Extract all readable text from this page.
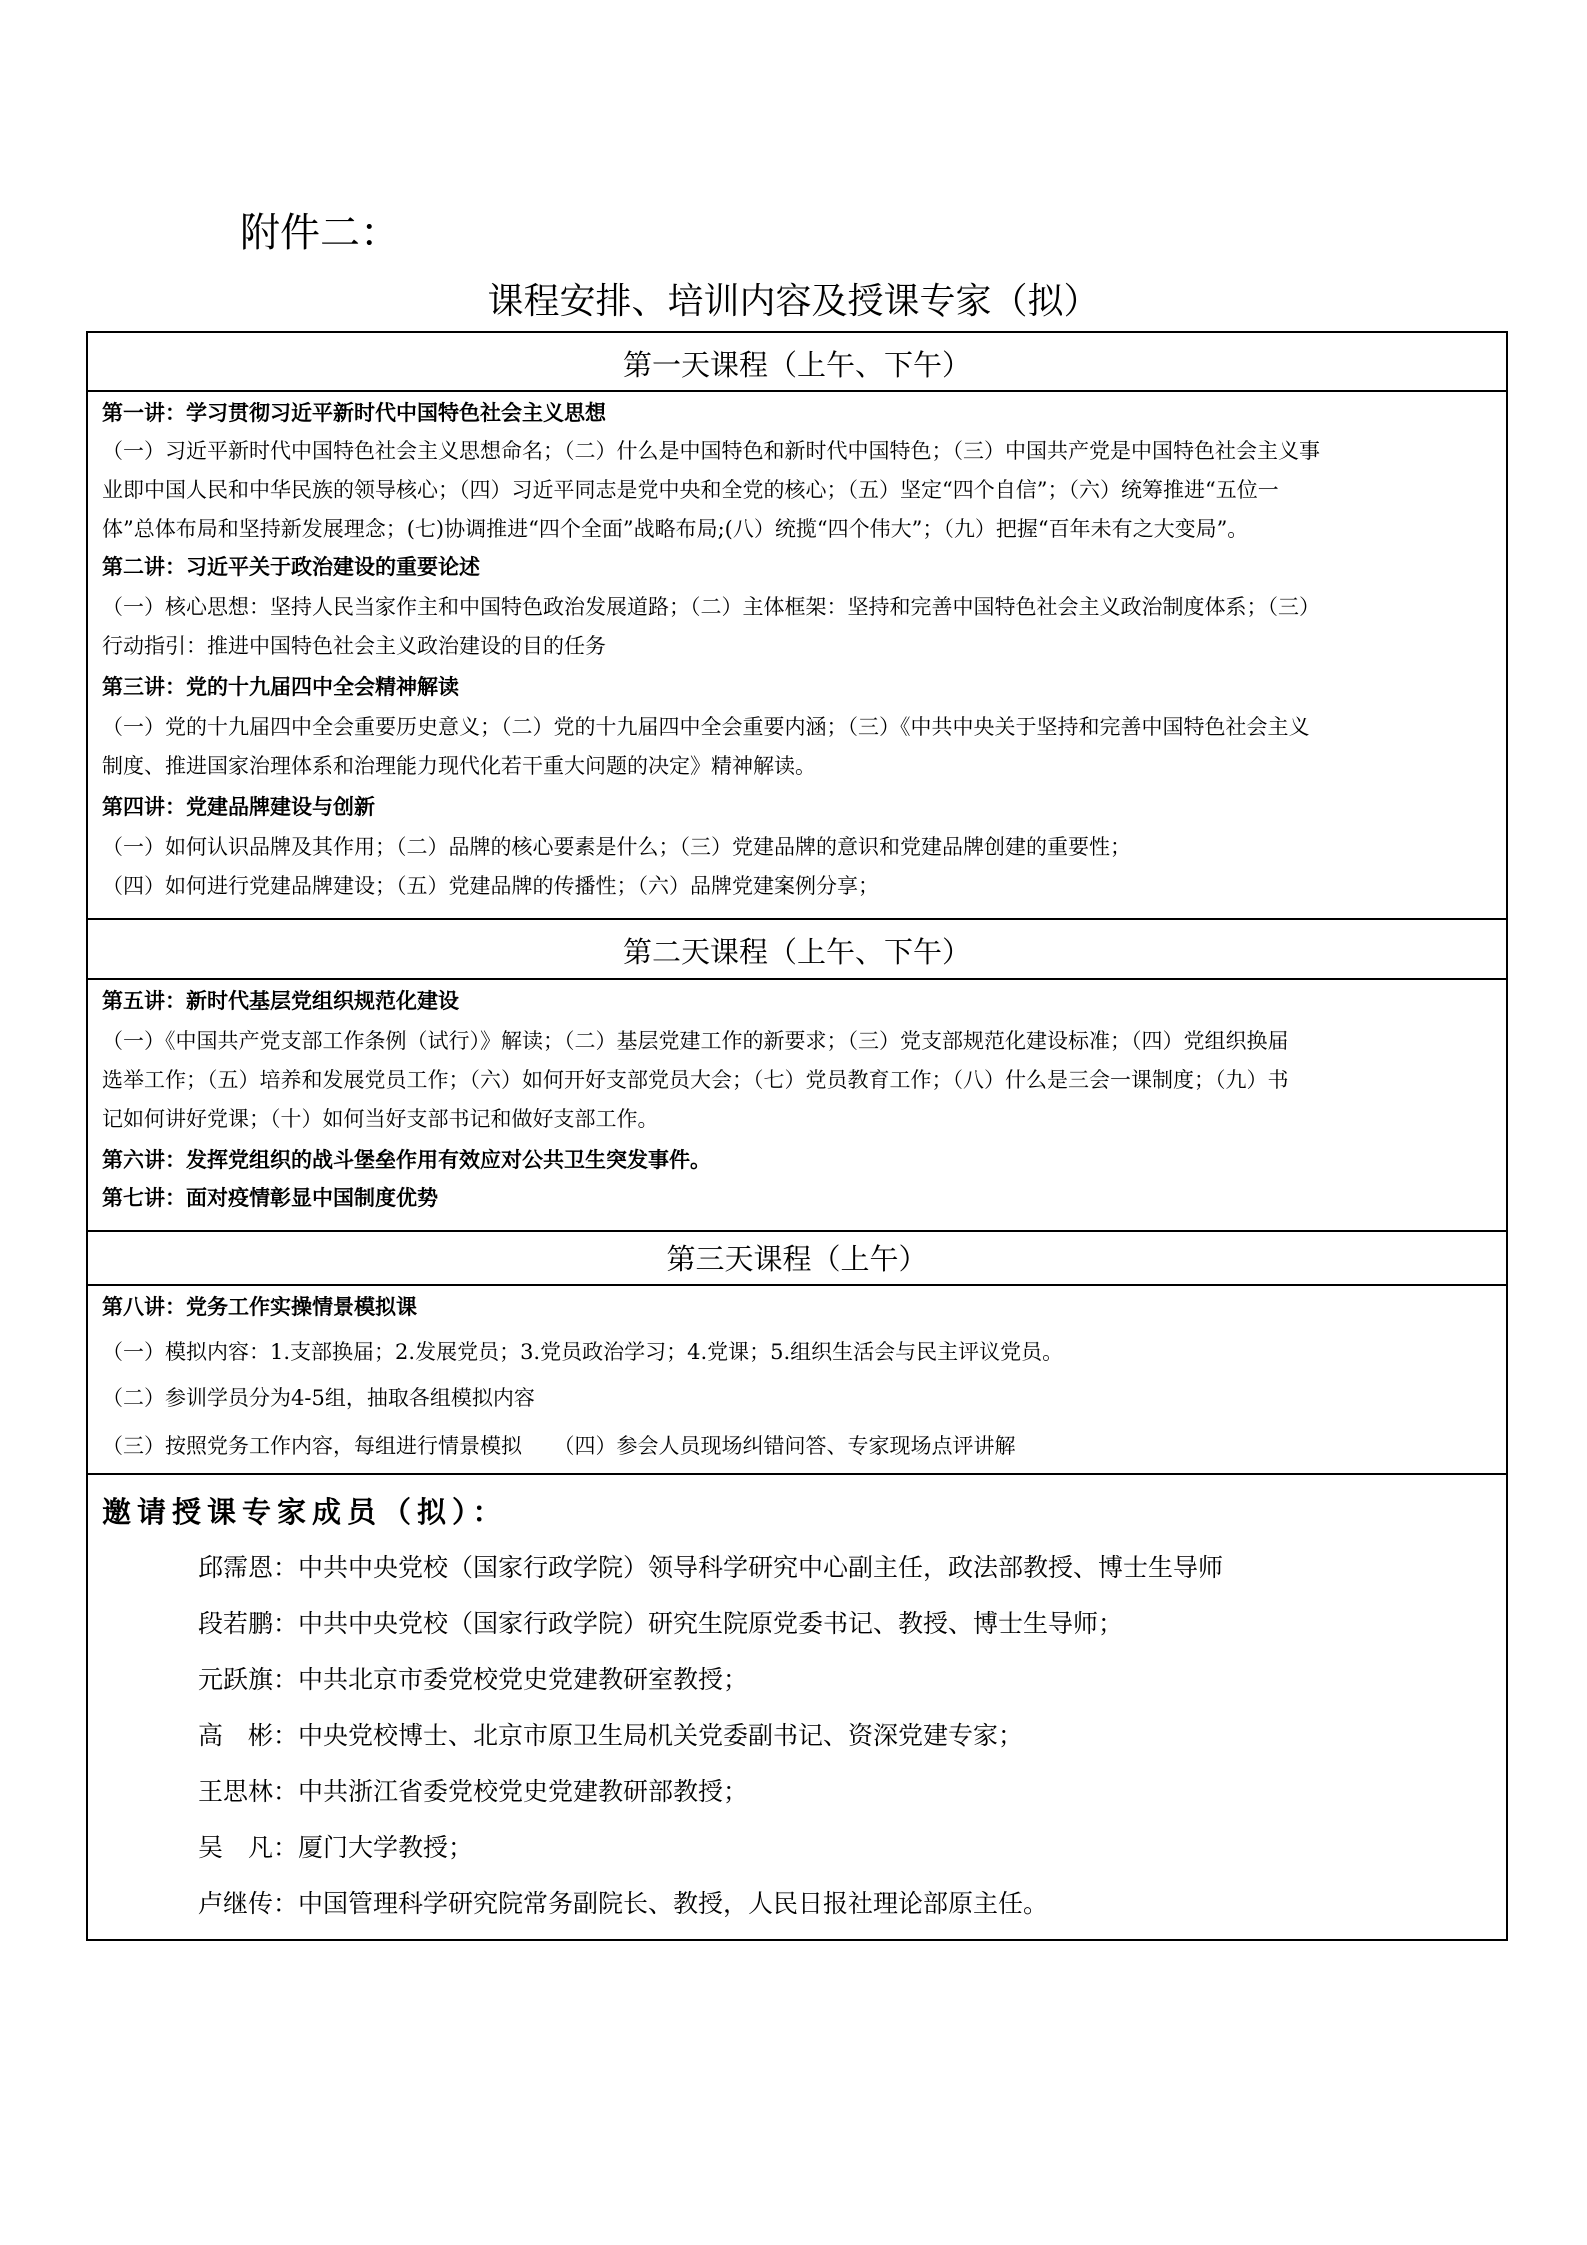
附件二：
课程安排、培训内容及授课专家（拟）
第一天课程（上午、下午）
第一讲：学习贯彻习近平新时代中国特色社会主义思想
（一）习近平新时代中国特色社会主义思想命名；（二）什么是中国特色和新时代中国特色；（三）中国共产党是中国特色社会主义事
业即中国人民和中华民族的领导核心；（四）习近平同志是党中央和全党的核心；（五）坚定“四个自信”；（六）统筹推进“五位一
体”总体布局和坚持新发展理念；(七)协调推进“四个全面”战略布局;(八）统揽“四个伟大”；（九）把握“百年未有之大变局”。
第二讲：习近平关于政治建设的重要论述
（一）核心思想：坚持人民当家作主和中国特色政治发展道路；（二）主体框架：坚持和完善中国特色社会主义政治制度体系；（三）
行动指引：推进中国特色社会主义政治建设的目的任务
第三讲：党的十九届四中全会精神解读
（一）党的十九届四中全会重要历史意义；（二）党的十九届四中全会重要内涵；（三）《中共中央关于坚持和完善中国特色社会主义
制度、推进国家治理体系和治理能力现代化若干重大问题的决定》精神解读。
第四讲：党建品牌建设与创新
（一）如何认识品牌及其作用；（二）品牌的核心要素是什么；（三）党建品牌的意识和党建品牌创建的重要性；
（四）如何进行党建品牌建设；（五）党建品牌的传播性；（六）品牌党建案例分享；
第二天课程（上午、下午）
第五讲：新时代基层党组织规范化建设
（一）《中国共产党支部工作条例（试行）》解读；（二）基层党建工作的新要求；（三）党支部规范化建设标准；（四）党组织换届
选举工作；（五）培养和发展党员工作；（六）如何开好支部党员大会；（七）党员教育工作；（八）什么是三会一课制度；（九）书
记如何讲好党课；（十）如何当好支部书记和做好支部工作。
第六讲：发挥党组织的战斗堡垒作用有效应对公共卫生突发事件。
第七讲：面对疫情彰显中国制度优势
第三天课程（上午）
第八讲：党务工作实操情景模拟课
（一）模拟内容：1.支部换届；2.发展党员；3.党员政治学习；4.党课；5.组织生活会与民主评议党员。
（二）参训学员分为4-5组，抽取各组模拟内容
（三）按照党务工作内容，每组进行情景模拟　　（四）参会人员现场纠错问答、专家现场点评讲解
邀请授课专家成员（拟）：
邱霈恩：中共中央党校（国家行政学院）领导科学研究中心副主任，政法部教授、博士生导师
段若鹏：中共中央党校（国家行政学院）研究生院原党委书记、教授、博士生导师；
元跃旗：中共北京市委党校党史党建教研室教授；
高　彬：中央党校博士、北京市原卫生局机关党委副书记、资深党建专家；
王思林：中共浙江省委党校党史党建教研部教授；
吴　凡：厦门大学教授；
卢继传：中国管理科学研究院常务副院长、教授，人民日报社理论部原主任。
